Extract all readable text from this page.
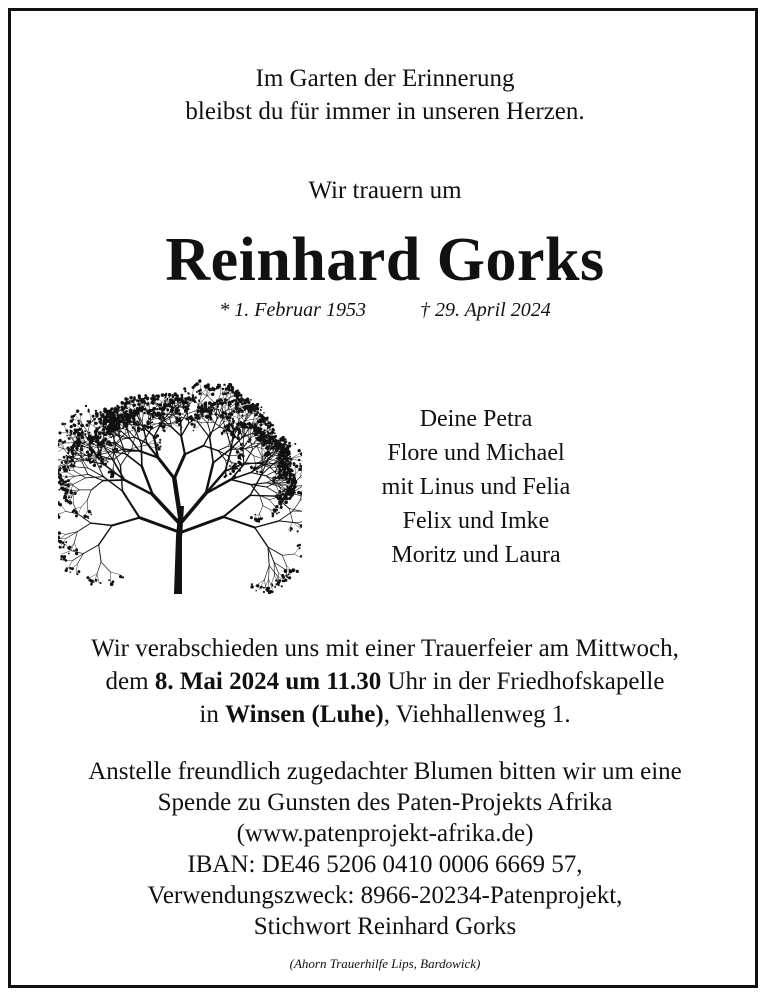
Im Garten der Erinnerung
bleibst du für immer in unseren Herzen.
Wir trauern um
Reinhard Gorks
* 1. Februar 1953	† 29. April 2024
Deine Petra
Flore und Michael
mit Linus und Felia
Felix und Imke
Moritz und Laura
Wir verabschieden uns mit einer Trauerfeier am Mittwoch,
dem 8. Mai 2024 um 11.30 Uhr in der Friedhofskapelle
in Winsen (Luhe), Viehhallenweg 1.
Anstelle freundlich zugedachter Blumen bitten wir um eine
Spende zu Gunsten des Paten-Projekts Afrika
(www.patenprojekt-afrika.de)
IBAN: DE46 5206 0410 0006 6669 57,
Verwendungszweck: 8966-20234-Patenprojekt,
Stichwort Reinhard Gorks
(Ahorn Trauerhilfe Lips, Bardowick)
